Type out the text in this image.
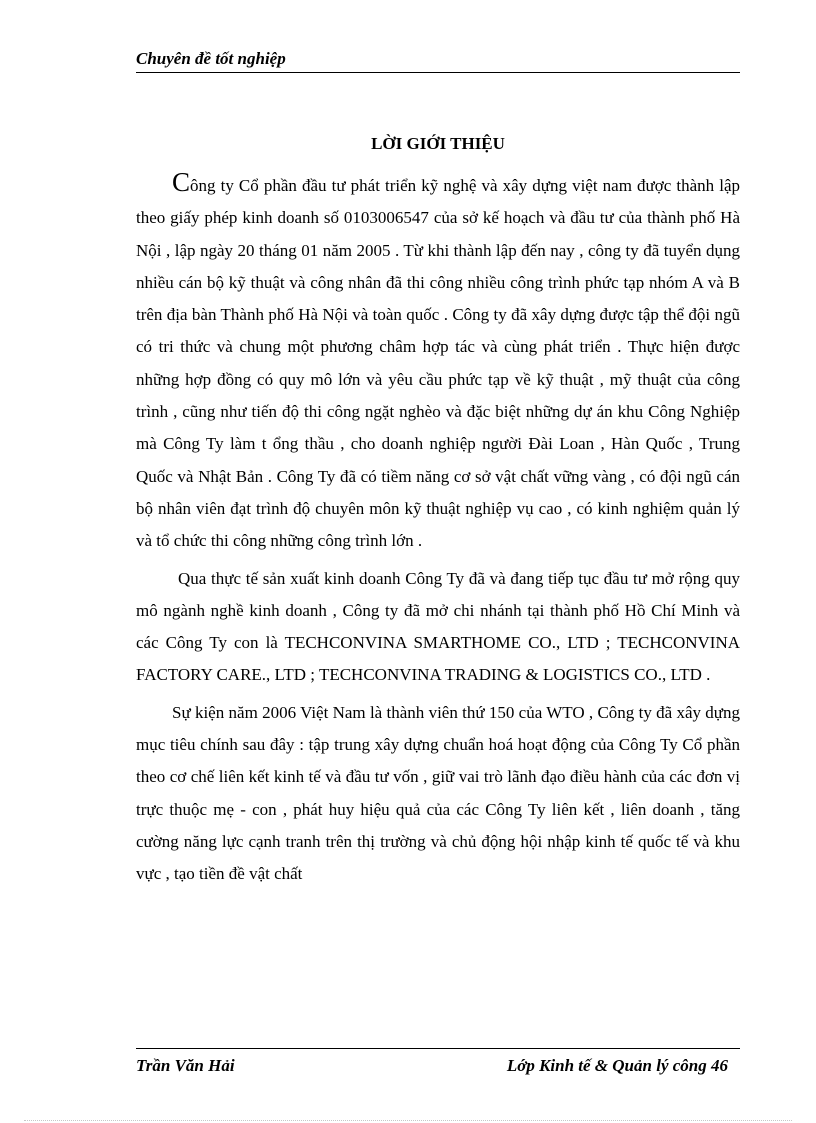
Chuyên đề tốt nghiệp
LỜI GIỚI THIỆU

Công ty Cổ phần đầu tư phát triển kỹ nghệ và xây dựng việt nam được thành lập theo giấy phép kinh doanh số 0103006547 của sở kế hoạch và đầu tư của thành phố Hà Nội , lập ngày 20 tháng 01 năm 2005 . Từ khi thành lập đến nay , công ty đã tuyển dụng nhiều cán bộ kỹ thuật và công nhân đã thi công nhiều công trình phức tạp nhóm A và B trên địa bàn Thành phố Hà Nội và toàn quốc . Công ty đã xây dựng được tập thể đội ngũ có tri thức và chung một phương châm hợp tác và cùng phát triển . Thực hiện được những hợp đồng có quy mô lớn và yêu cầu phức tạp về kỹ thuật , mỹ thuật của công trình , cũng như tiến độ thi công ngặt nghèo và đặc biệt những dự án khu Công Nghiệp mà Công Ty làm t ổng thầu , cho doanh nghiệp người Đài Loan , Hàn Quốc , Trung Quốc và Nhật Bản . Công Ty đã có tiềm năng cơ sở vật chất vững vàng , có đội ngũ cán bộ nhân viên đạt trình độ chuyên môn kỹ thuật nghiệp vụ cao , có kinh nghiệm quản lý và tổ chức thi công những công trình lớn .

Qua thực tế sản xuất kinh doanh Công Ty đã và đang tiếp tục đầu tư mở rộng quy mô ngành nghề kinh doanh , Công ty đã mở chi nhánh tại thành phố Hồ Chí Minh và các Công Ty con là TECHCONVINA SMARTHOME CO., LTD ; TECHCONVINA FACTORY CARE., LTD ; TECHCONVINA TRADING & LOGISTICS CO., LTD .

Sự kiện năm 2006 Việt Nam là thành viên thứ 150 của WTO , Công ty đã xây dựng mục tiêu chính sau đây : tập trung xây dựng chuẩn hoá hoạt động của Công Ty Cổ phần theo cơ chế liên kết kinh tế và đầu tư vốn , giữ vai trò lãnh đạo điều hành của các đơn vị trực thuộc mẹ - con , phát huy hiệu quả của các Công Ty liên kết , liên doanh , tăng cường năng lực cạnh tranh trên thị trường và chủ động hội nhập kinh tế quốc tế và khu vực , tạo tiền đề vật chất

Trần Văn Hải	Lớp Kinh tế & Quản lý công 46
